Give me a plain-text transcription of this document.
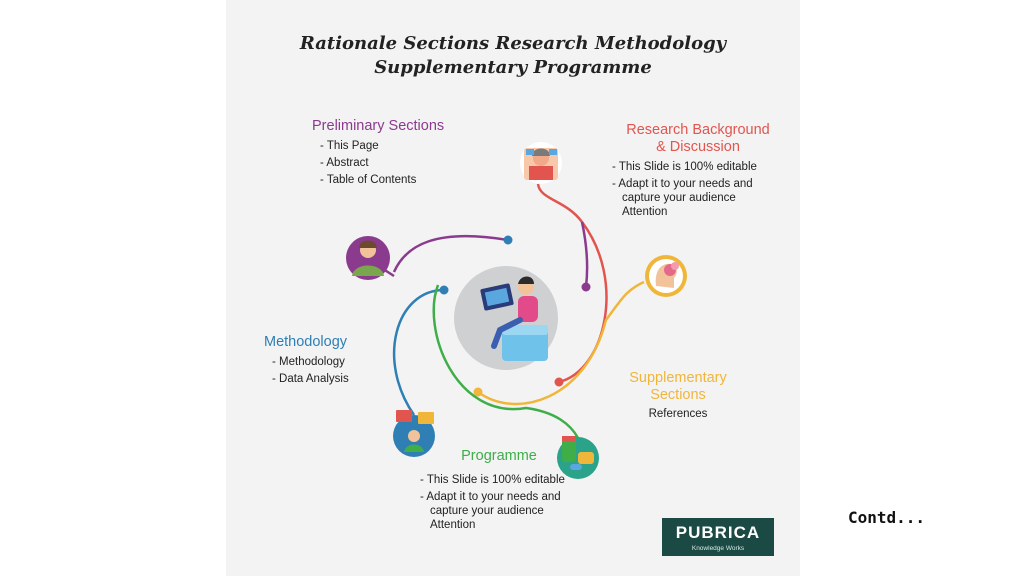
Rationale Sections Research Methodology
Supplementary Programme
Preliminary Sections
- This Page
- Abstract
- Table of Contents
Research Background
& Discussion
- This Slide is 100% editable
- Adapt it to your needs and capture your audience Attention
Methodology
- Methodology
- Data Analysis	Supplementary
Sections
References
Programme
- This Slide is 100% editable
- Adapt it to your needs and capture your audience Attention	PUBRICA
Knowledge Works
Contd...
